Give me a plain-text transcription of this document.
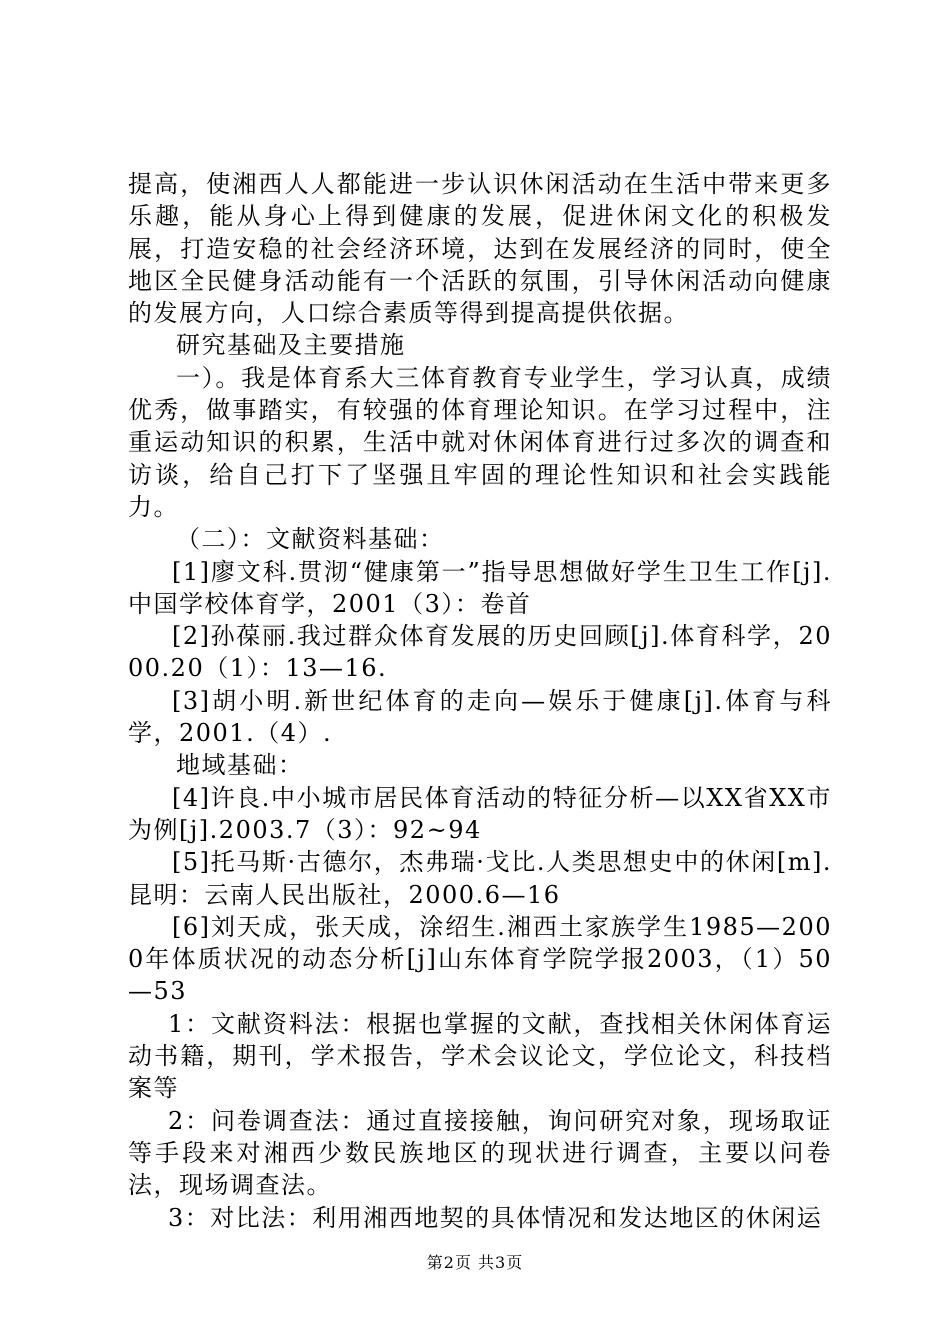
提高，使湘西人人都能进一步认识休闲活动在生活中带来更多乐趣，能从身心上得到健康的发展，促进休闲文化的积极发展，打造安稳的社会经济环境，达到在发展经济的同时，使全地区全民健身活动能有一个活跃的氛围，引导休闲活动向健康的发展方向，人口综合素质等得到提高提供依据。

研究基础及主要措施

一）。我是体育系大三体育教育专业学生，学习认真，成绩优秀，做事踏实，有较强的体育理论知识。在学习过程中，注重运动知识的积累，生活中就对休闲体育进行过多次的调查和访谈，给自己打下了坚强且牢固的理论性知识和社会实践能力。

（二）：文献资料基础：

[1]廖文科.贯沏“健康第一”指导思想做好学生卫生工作[j].中国学校体育学，2001（3）：卷首

[2]孙葆丽.我过群众体育发展的历史回顾[j].体育科学，2000.20（1）：13—16.

[3]胡小明.新世纪体育的走向—娱乐于健康[j].体育与科学，2001.（4）.

地域基础：

[4]许良.中小城市居民体育活动的特征分析—以XX省XX市为例[j].2003.7（3）：92~94

[5]托马斯·古德尔，杰弗瑞·戈比.人类思想史中的休闲[m].昆明：云南人民出版社，2000.6—16

[6]刘天成，张天成，涂绍生.湘西土家族学生1985—2000年体质状况的动态分析[j]山东体育学院学报2003，（1）50—53

1：文献资料法：根据也掌握的文献，查找相关休闲体育运动书籍，期刊，学术报告，学术会议论文，学位论文，科技档案等

2：问卷调查法：通过直接接触，询问研究对象，现场取证等手段来对湘西少数民族地区的现状进行调查，主要以问卷法，现场调查法。

3：对比法：利用湘西地契的具体情况和发达地区的休闲运

第2页 共3页
